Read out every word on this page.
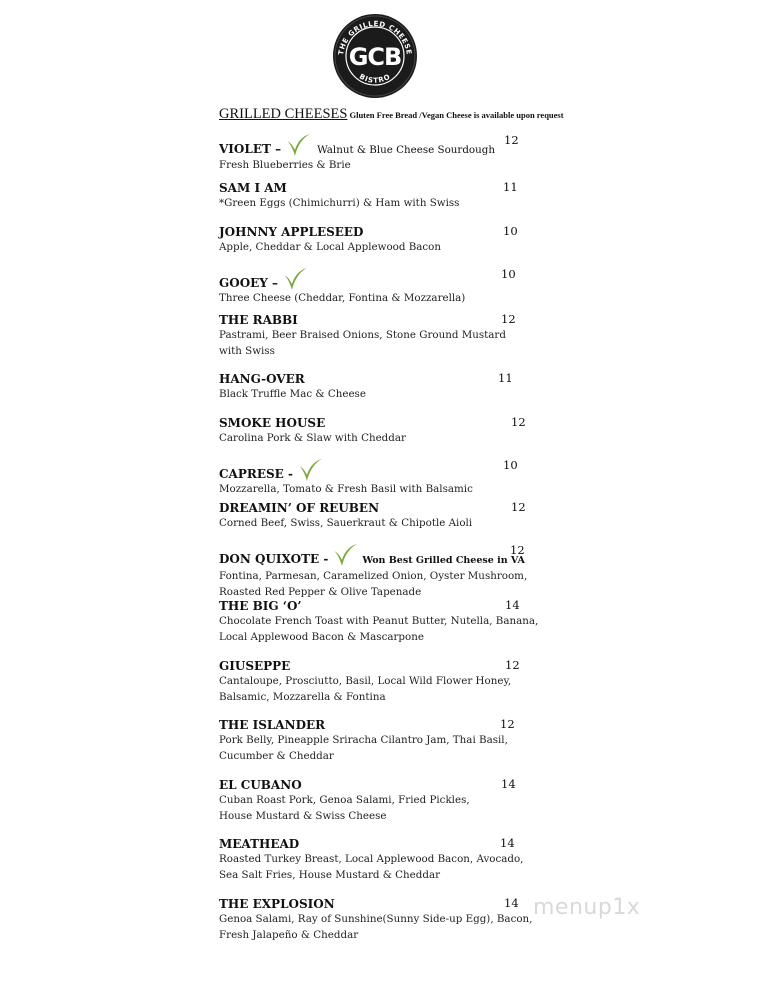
THE GRILLED CHEESE
BISTRO
GCB
GRILLED CHEESES Gluten Free Bread /Vegan Cheese is available upon request
VIOLET –	Walnut & Blue Cheese Sourdough
Fresh Blueberries & Brie
12
SAM I AM
*Green Eggs (Chimichurri) & Ham with Swiss
11
JOHNNY APPLESEED
Apple, Cheddar & Local Applewood Bacon
10
GOOEY –
Three Cheese (Cheddar, Fontina & Mozzarella)
10
THE RABBI
Pastrami, Beer Braised Onions, Stone Ground Mustard
with Swiss
12
HANG-OVER
Black Truffle Mac & Cheese
11
SMOKE HOUSE
Carolina Pork & Slaw with Cheddar
12
CAPRESE -
Mozzarella, Tomato & Fresh Basil with Balsamic
10
DREAMIN’ OF REUBEN
Corned Beef, Swiss, Sauerkraut & Chipotle Aioli
12
DON QUIXOTE -	Won Best Grilled Cheese in VA
Fontina, Parmesan, Caramelized Onion, Oyster Mushroom,
Roasted Red Pepper & Olive Tapenade
12
THE BIG ‘O’
Chocolate French Toast with Peanut Butter, Nutella, Banana,
Local Applewood Bacon & Mascarpone
14
GIUSEPPE
Cantaloupe, Prosciutto, Basil, Local Wild Flower Honey,
Balsamic, Mozzarella & Fontina
12
THE ISLANDER
Pork Belly, Pineapple Sriracha Cilantro Jam, Thai Basil,
Cucumber & Cheddar
12
EL CUBANO
Cuban Roast Pork, Genoa Salami, Fried Pickles,
House Mustard & Swiss Cheese
14
MEATHEAD
Roasted Turkey Breast, Local Applewood Bacon, Avocado,
Sea Salt Fries, House Mustard & Cheddar
14
THE EXPLOSION
Genoa Salami, Ray of Sunshine(Sunny Side-up Egg), Bacon,
Fresh Jalapeño & Cheddar
14 menup1x
